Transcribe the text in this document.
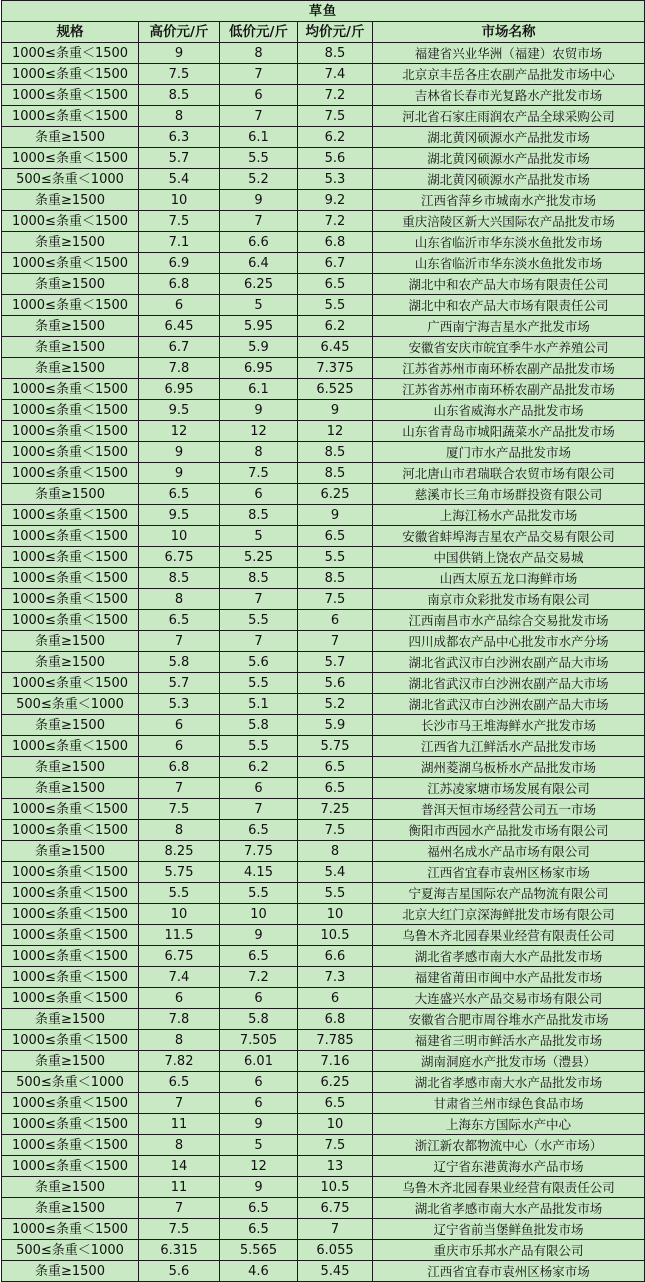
草鱼				
规格	高价元/斤	低价元/斤	均价元/斤	市场名称
1000≤条重＜1500	9	8	8.5	福建省兴业华洲（福建）农贸市场
1000≤条重＜1500	7.5	7	7.4	北京京丰岳各庄农副产品批发市场中心
1000≤条重＜1500	8.5	6	7.2	吉林省长春市光复路水产批发市场
1000≤条重＜1500	8	7	7.5	河北省石家庄雨润农产品全球采购公司
条重≥1500	6.3	6.1	6.2	湖北黄冈硕源水产品批发市场
1000≤条重＜1500	5.7	5.5	5.6	湖北黄冈硕源水产品批发市场
500≤条重＜1000	5.4	5.2	5.3	湖北黄冈硕源水产品批发市场
条重≥1500	10	9	9.2	江西省萍乡市城南水产批发市场
1000≤条重＜1500	7.5	7	7.2	重庆涪陵区新大兴国际农产品批发市场
条重≥1500	7.1	6.6	6.8	山东省临沂市华东淡水鱼批发市场
1000≤条重＜1500	6.9	6.4	6.7	山东省临沂市华东淡水鱼批发市场
条重≥1500	6.8	6.25	6.5	湖北中和农产品大市场有限责任公司
1000≤条重＜1500	6	5	5.5	湖北中和农产品大市场有限责任公司
条重≥1500	6.45	5.95	6.2	广西南宁海吉星水产批发市场
条重≥1500	6.7	5.9	6.45	安徽省安庆市皖宜季牛水产养殖公司
条重≥1500	7.8	6.95	7.375	江苏省苏州市南环桥农副产品批发市场
1000≤条重＜1500	6.95	6.1	6.525	江苏省苏州市南环桥农副产品批发市场
1000≤条重＜1500	9.5	9	9	山东省威海水产品批发市场
1000≤条重＜1500	12	12	12	山东省青岛市城阳蔬菜水产品批发市场
1000≤条重＜1500	9	8	8.5	厦门市水产品批发市场
1000≤条重＜1500	9	7.5	8.5	河北唐山市君瑞联合农贸市场有限公司
条重≥1500	6.5	6	6.25	慈溪市长三角市场群投资有限公司
1000≤条重＜1500	9.5	8.5	9	上海江杨水产品批发市场
1000≤条重＜1500	10	5	6.5	安徽省蚌埠海吉星农产品交易有限公司
1000≤条重＜1500	6.75	5.25	5.5	中国供销上饶农产品交易城
1000≤条重＜1500	8.5	8.5	8.5	山西太原五龙口海鲜市场
1000≤条重＜1500	8	7	7.5	南京市众彩批发市场有限公司
1000≤条重＜1500	6.5	5.5	6	江西南昌市水产品综合交易批发市场
条重≥1500	7	7	7	四川成都农产品中心批发市水产分场
条重≥1500	5.8	5.6	5.7	湖北省武汉市白沙洲农副产品大市场
1000≤条重＜1500	5.7	5.5	5.6	湖北省武汉市白沙洲农副产品大市场
500≤条重＜1000	5.3	5.1	5.2	湖北省武汉市白沙洲农副产品大市场
条重≥1500	6	5.8	5.9	长沙市马王堆海鲜水产批发市场
1000≤条重＜1500	6	5.5	5.75	江西省九江鲜活水产品批发市场
条重≥1500	6.8	6.2	6.5	湖州菱湖乌板桥水产品批发市场
条重≥1500	7	6	6.5	江苏凌家塘市场发展有限公司
1000≤条重＜1500	7.5	7	7.25	普洱天恒市场经营公司五一市场
1000≤条重＜1500	8	6.5	7.5	衡阳市西园水产品批发市场有限公司
条重≥1500	8.25	7.75	8	福州名成水产品市场有限公司
1000≤条重＜1500	5.75	4.15	5.4	江西省宜春市袁州区杨家市场
1000≤条重＜1500	5.5	5.5	5.5	宁夏海吉星国际农产品物流有限公司
1000≤条重＜1500	10	10	10	北京大红门京深海鲜批发市场有限公司
1000≤条重＜1500	11.5	9	10.5	乌鲁木齐北园春果业经营有限责任公司
1000≤条重＜1500	6.75	6.5	6.6	湖北省孝感市南大水产品批发市场
1000≤条重＜1500	7.4	7.2	7.3	福建省莆田市闽中水产品批发市场
1000≤条重＜1500	6	6	6	大连盛兴水产品交易市场有限公司
条重≥1500	7.8	5.8	6.8	安徽省合肥市周谷堆水产品批发市场
1000≤条重＜1500	8	7.505	7.785	福建省三明市鲜活水产品批发市场
条重≥1500	7.82	6.01	7.16	湖南洞庭水产批发市场（澧县）
500≤条重＜1000	6.5	6	6.25	湖北省孝感市南大水产品批发市场
1000≤条重＜1500	7	6	6.5	甘肃省兰州市绿色食品市场
1000≤条重＜1500	11	9	10	上海东方国际水产中心
1000≤条重＜1500	8	5	7.5	浙江新农都物流中心（水产市场）
1000≤条重＜1500	14	12	13	辽宁省东港黄海水产品市场
条重≥1500	11	9	10.5	乌鲁木齐北园春果业经营有限责任公司
条重≥1500	7	6.5	6.75	湖北省孝感市南大水产品批发市场
1000≤条重＜1500	7.5	6.5	7	辽宁省前当堡鲜鱼批发市场
500≤条重＜1000	6.315	5.565	6.055	重庆市乐邦水产品有限公司
条重≥1500	5.6	4.6	5.45	江西省宜春市袁州区杨家市场
